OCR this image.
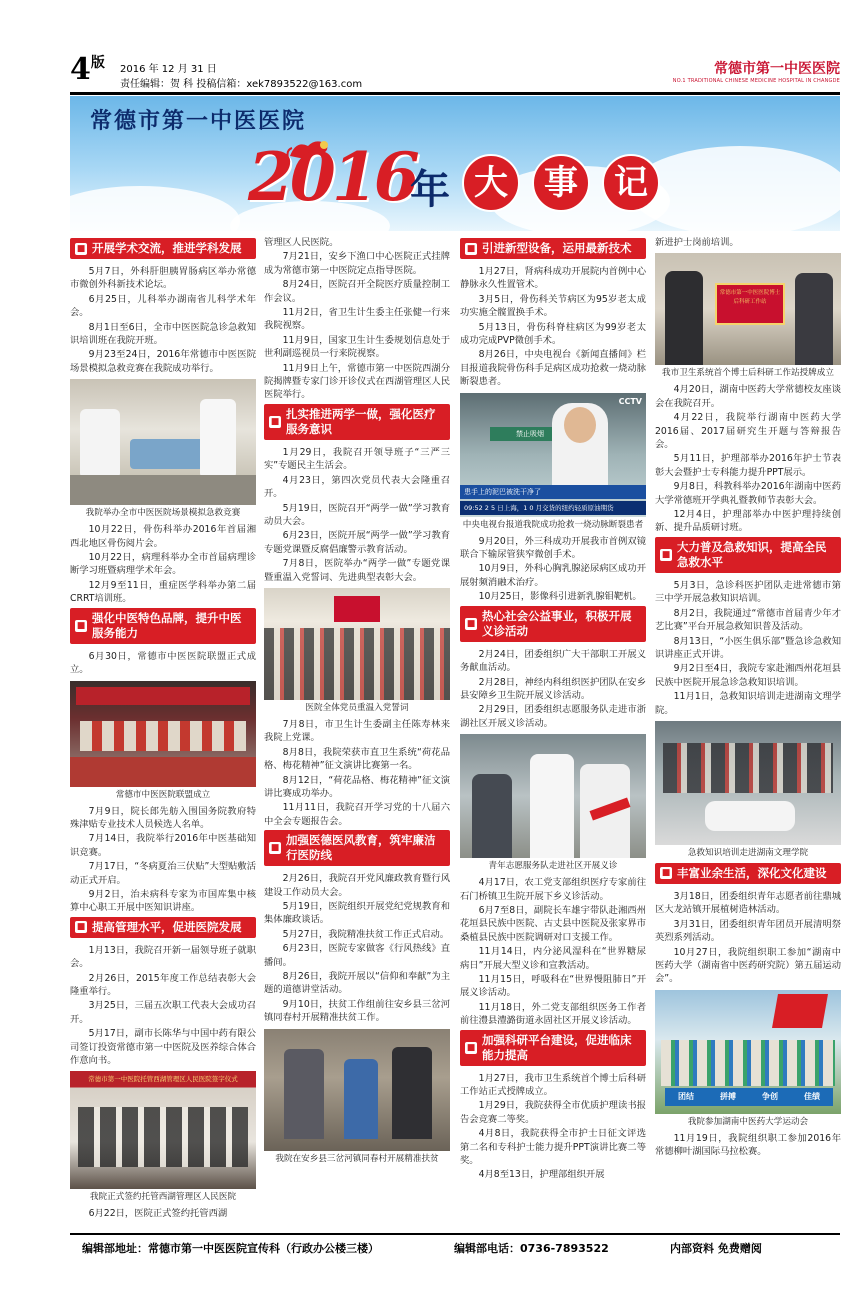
$4^版$ 2016 年 12 月 31 日
责任编辑：贺 科 投稿信箱：xek7893522@163.com
常德市第一中医医院
NO.1 TRADITIONAL CHINESE MEDICINE HOSPITAL IN CHANGDE
常德市第一中医医院
2016
年 大	事	记
■ 开展学术交流，推进学科发展

5月7日，外科肝胆胰胃肠病区举办常德市微创外科新技术论坛。

6月25日，儿科举办湖南省儿科学术年会。

8月1日至6日，全市中医医院急诊急救知识培训班在我院开班。

9月23至24日，2016年常德市中医医院场景模拟急救竞赛在我院成功举行。

我院举办全市中医医院场景模拟急救竞赛

10月22日，骨伤科举办2016年首届湘西北地区骨伤阅片会。

10月22日，病理科举办全市首届病理诊断学习班暨病理学术年会。

12月9至11日，重症医学科举办第二届CRRT培训班。

■
强化中医特色品牌，提升中医服务能力

6月30日，常德市中医医院联盟正式成立。

常德市中医医院联盟成立

7月9日，院长郎先舫入围国务院教府特殊津贴专业技术人员候选人名单。

7月14日，我院举行2016年中医基础知识竞赛。

7月17日，“冬病夏治三伏贴”大型贴敷活动正式开启。

9月2日，治未病科专家为市国库集中核算中心职工开展中医知识讲座。

■ 提高管理水平，促进医院发展

1月13日，我院召开新一届领导班子就职会。

2月26日，2015年度工作总结表彰大会隆重举行。

3月25日，三届五次职工代表大会成功召开。

5月17日，副市长陈华与中国中药有限公司签订投资常德市第一中医院及医养综合体合作意向书。

常德市第一中医院托管西湖管理区人民医院签字仪式
我院正式签约托管西湖管理区人民医院

6月22日，医院正式签约托管西湖

管理区人民医院。

7月21日，安乡下渔口中心医院正式挂牌成为常德市第一中医院定点指导医院。

8月24日，医院召开全院医疗质量控制工作会议。

11月2日，省卫生计生委主任张健一行来我院视察。

11月9日，国家卫生计生委规划信息处于世利副巡视员一行来院视察。

11月9日上午，常德市第一中医院西湖分院揭牌暨专家门诊开诊仪式在西湖管理区人民医院举行。

■
扎实推进两学一做，强化医疗服务意识

1月29日，我院召开领导班子“三严三实”专题民主生活会。

4月23日，第四次党员代表大会隆重召开。

5月19日，医院召开“两学一做”学习教育动员大会。

6月23日，医院开展“两学一做”学习教育专题党课暨反腐倡廉警示教育活动。

7月8日，医院举办“两学一做”专题党课暨重温入党誓词、先进典型表彰大会。

医院全体党员重温入党誓词

7月8日，市卫生计生委副主任陈寿林来我院上党课。

8月8日，我院荣获市直卫生系统“荷花品格、梅花精神”征文演讲比赛第一名。

8月12日，“荷花品格、梅花精神”征文演讲比赛成功举办。

11月11日，我院召开学习党的十八届六中全会专题报告会。

■
加强医德医风教育，筑牢廉洁行医防线

2月26日，我院召开党风廉政教育暨行风建设工作动员大会。

5月19日，医院组织开展党纪党规教育和集体廉政谈话。

5月27日，我院精准扶贫工作正式启动。

6月23日，医院专家做客《行风热线》直播间。

8月26日，我院开展以“信仰和奉献”为主题的道德讲堂活动。

9月10日，扶贫工作组前往安乡县三岔河镇同春村开展精准扶贫工作。

我院在安乡县三岔河镇同春村开展精准扶贫
■ 引进新型设备，运用最新技术

1月27日，肾病科成功开展院内首例中心静脉永久性置管术。

3月5日，骨伤科关节病区为95岁老太成功实施全髋置换手术。

5月13日，骨伤科脊柱病区为99岁老太成功完成PVP微创手术。

8月26日，中央电视台《新闻直播间》栏目报道我院骨伤科手足病区成功抢救一烧动脉断裂患者。

禁止吸烟
患手上的泥巴被洗干净了
09:52 2 5 日上海，1 0 月交货的纽约轻质原油期货
CCTV
中央电视台报道我院成功抢救一烧动脉断裂患者

9月20日，外三科成功开展我市首例双镜联合下输尿管狭窄微创手术。

10月9日，外科心胸乳腺泌尿病区成功开展射频消融术治疗。

10月25日，影像科引进新乳腺钼靶机。

■
热心社会公益事业，积极开展义诊活动

2月24日，团委组织广大干部职工开展义务献血活动。

2月28日，神经内科组织医护团队在安乡县安障乡卫生院开展义诊活动。

2月29日，团委组织志愿服务队走进市浙湖社区开展义诊活动。

青年志愿服务队走进社区开展义诊

4月17日，农工党支部组织医疗专家前往石门桥镇卫生院开展下乡义诊活动。

6月7至8日，副院长车雄宇带队赴湘西州花垣县民族中医院、古丈县中医院及张家界市桑植县民族中医院调研对口支援工作。

11月14日，内分泌风湿科在“世界糖尿病日”开展大型义诊和宣教活动。

11月15日，呼吸科在“世界慢阻肺日”开展义诊活动。

11月18日，外二党支部组织医务工作者前往澧县澧潞街道永固社区开展义诊活动。

■
加强科研平台建设，促进临床能力提高

1月27日，我市卫生系统首个博士后科研工作站正式授牌成立。

1月29日，我院获得全市优质护理读书报告会竞赛二等奖。

4月8日，我院获得全市护士日征文评选第二名和专科护士能力提升PPT演讲比赛二等奖。

4月8至13日，护理部组织开展

新进护士岗前培训。

常德市第一中医医院博士后科研工作站
我市卫生系统首个博士后科研工作站授牌成立

4月20日，湖南中医药大学常德校友座谈会在我院召开。

4月22日，我院举行湖南中医药大学2016届、2017届研究生开题与答辩报告会。

5月11日，护理部举办2016年护士节表彰大会暨护士专科能力提升PPT展示。

9月8日，科教科举办2016年湖南中医药大学常德班开学典礼暨教师节表彰大会。

12月4日，护理部举办中医护理持续创新、提升品质研讨班。

■
大力普及急救知识，提高全民急救水平

5月3日，急诊科医护团队走进常德市第三中学开展急救知识培训。

8月2日，我院通过“常德市首届青少年才艺比赛”平台开展急救知识普及活动。

8月13日，“小医生俱乐部”暨急诊急救知识讲座正式开讲。

9月2日至4日，我院专家赴湘西州花垣县民族中医院开展急诊急救知识培训。

11月1日，急救知识培训走进湖南文理学院。

急救知识培训走进湖南文理学院
■ 丰富业余生活，深化文化建设

3月18日，团委组织青年志愿者前往鼎城区大龙站镇开展植树造林活动。

3月31日，团委组织青年团员开展清明祭英烈系列活动。

10月27日，我院组织职工参加“湖南中医药大学（湖南省中医药研究院）第五届运动会”。

团结	拼搏	争创	佳绩
我院参加湖南中医药大学运动会

11月19日，我院组织职工参加2016年常德柳叶湖国际马拉松赛。

编辑部地址：常德市第一中医医院宣传科（行政办公楼三楼）	编辑部电话：0736-7893522	内部资料 免费赠阅
